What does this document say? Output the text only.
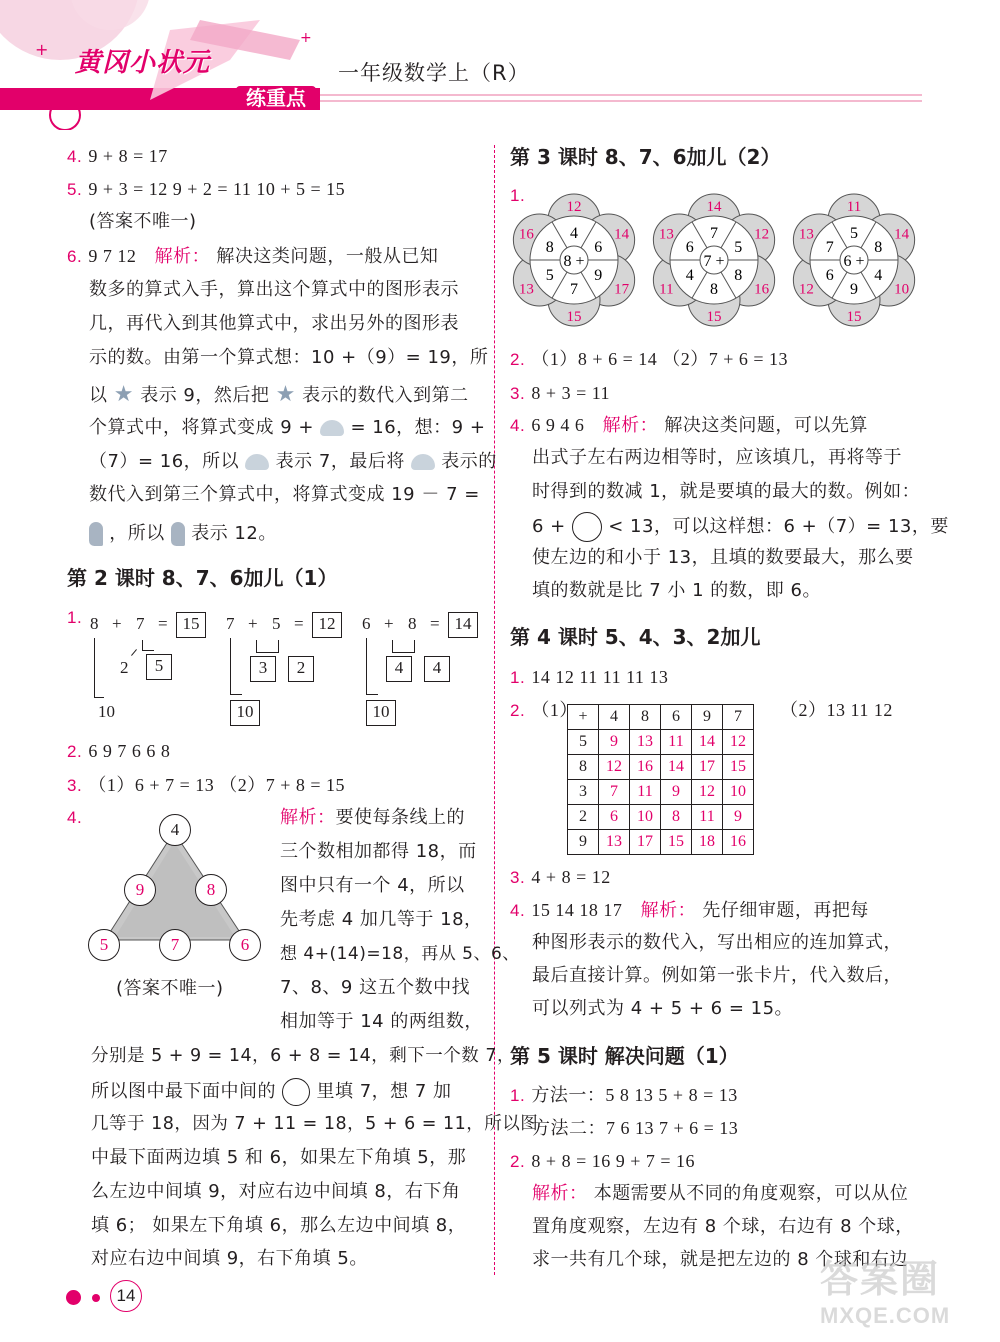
+
+
黄冈小状元
练重点
一年级数学上（R）
4. 9 + 8 = 17
5. 9 + 3 = 12 9 + 2 = 11 10 + 5 = 15
(答案不唯一)
6. 9 7 12 解析： 解决这类问题，一般从已知
数多的算式入手，算出这个算式中的图形表示
几，再代入到其他算式中，求出另外的图形表
示的数。由第一个算式想：10 +（9）= 19，所
以 ★ 表示 9，然后把 ★ 表示的数代入到第二
个算式中，将算式变成 9 + = 16，想：9 +
（7）= 16，所以 表示 7，最后将 表示的
数代入到第三个算式中，将算式变成 19 － 7 =
，所以 表示 12。
第 2 课时 8、7、6加儿（1）
1. 8 + 7 = 15
2	5
10
7 + 5 = 12
3	2
10
6 + 8 = 14
4	4
10
2. 6 9 7 6 6 8
3. （1）6 + 7 = 13 （2）7 + 8 = 15
4.
4
9	8
5	7	6
(答案不唯一)
解析：要使每条线上的
三个数相加都得 18，而
图中只有一个 4，所以
先考虑 4 加几等于 18，
想 4+(14)=18，再从 5、6、
7、8、9 这五个数中找
相加等于 14 的两组数，
分别是 5 + 9 = 14，6 + 8 = 14，剩下一个数 7，
所以图中最下面中间的 里填 7，想 7 加
几等于 18，因为 7 + 11 = 18，5 + 6 = 11，所以图
中最下面两边填 5 和 6，如果左下角填 5，那
么左边中间填 9，对应右边中间填 8，右下角
填 6； 如果左下角填 6，那么左边中间填 8，
对应右边中间填 9，右下角填 5。
第 3 课时 8、7、6加儿（2）
1.
8 +
4
12
6
14
9
17
7
15
5
13
8
16
7 +
7
14
5
12
8
16
8
15
4
11
6
13
6 +
5
11
8
14
4
10
9
15
6
12
7
13
2. （1）8 + 6 = 14 （2）7 + 6 = 13
3. 8 + 3 = 11
4. 6 9 4 6 解析： 解决这类问题，可以先算
出式子左右两边相等时，应该填几，再将等于
时得到的数减 1，就是要填的最大的数。例如：
6 + < 13，可以这样想：6 +（7）= 13，要
使左边的和小于 13，且填的数要最大，那么要
填的数就是比 7 小 1 的数，即 6。
第 4 课时 5、4、3、2加儿
1. 14 12 11 11 11 13
2. （1） +	4	8	6	9	7
5	9	13	11	14	12
8	12	16	14	17	15
3	7	11	9	12	10
2	6	10	8	11	9
9	13	17	15	18	16
（2）13 11 12
3. 4 + 8 = 12
4. 15 14 18 17 解析： 先仔细审题，再把每
种图形表示的数代入，写出相应的连加算式，
最后直接计算。例如第一张卡片，代入数后，
可以列式为 4 + 5 + 6 = 15。
第 5 课时 解决问题（1）
1. 方法一：5 8 13 5 + 8 = 13
方法二：7 6 13 7 + 6 = 13
2. 8 + 8 = 16 9 + 7 = 16
解析： 本题需要从不同的角度观察，可以从位
置角度观察，左边有 8 个球，右边有 8 个球，
求一共有几个球，就是把左边的 8 个球和右边

14	答案圈
MXQE.COM
